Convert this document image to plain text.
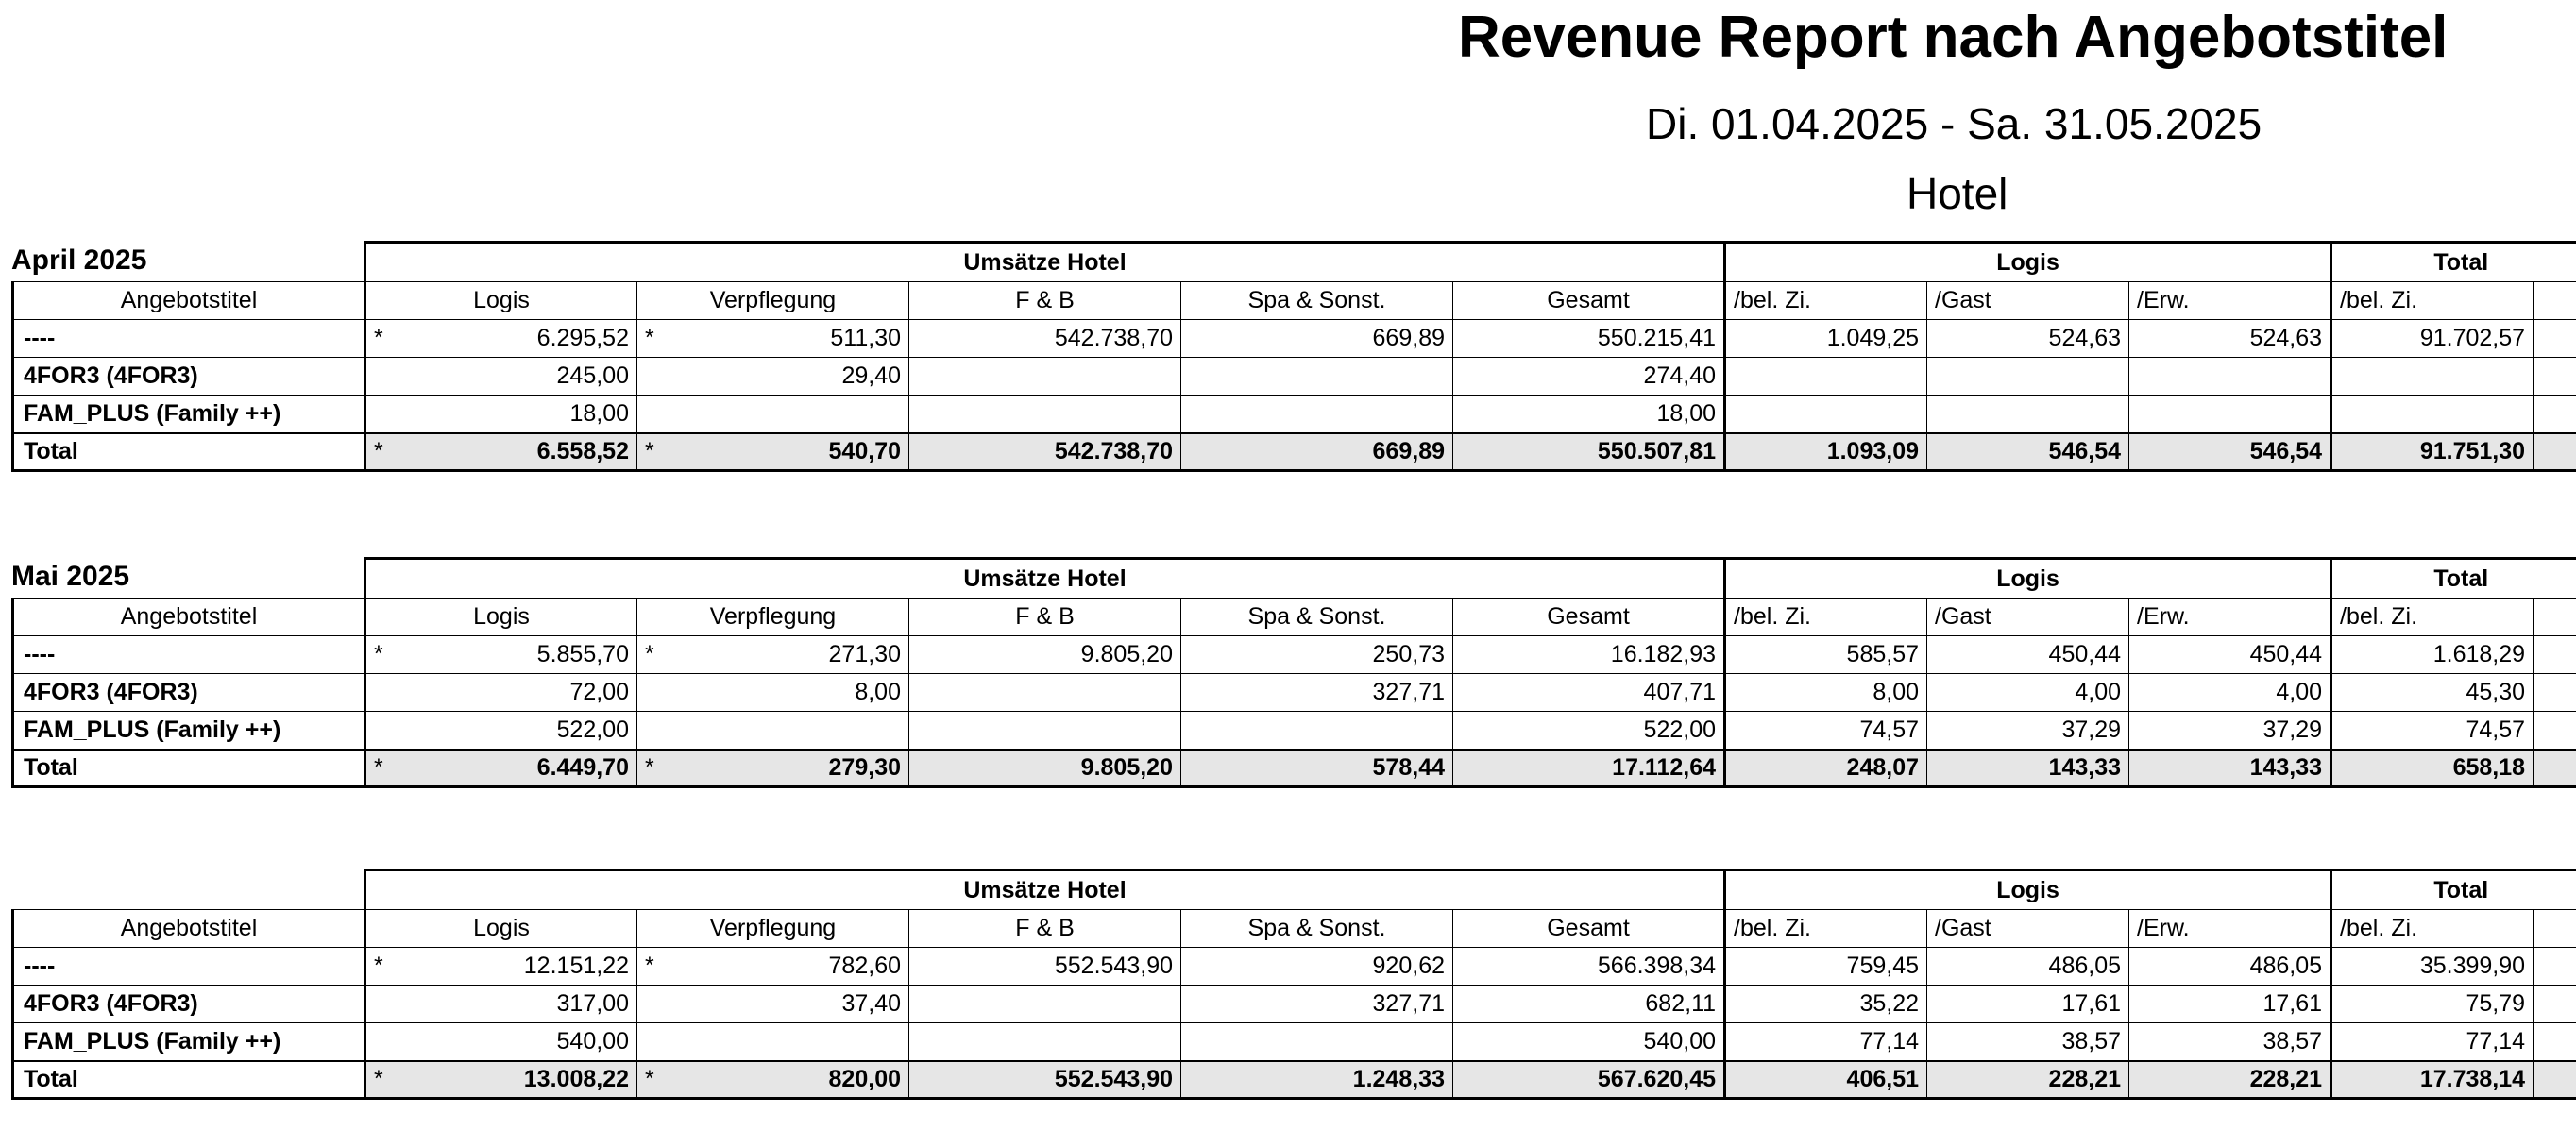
Revenue Report nach Angebotstitel
Di. 01.04.2025 - Sa. 31.05.2025
Hotel
April 2025
		Umsätze Hotel					Logis			Total	
Angebotstitel	Logis	Verpflegung	F & B	Spa & Sonst.	Gesamt	/bel. Zi.	/Gast	/Erw.	/bel. Zi.	
----	* 6.295,52	* 511,30	542.738,70	669,89	550.215,41	1.049,25	524,63	524,63	91.702,57	
4FOR3 (4FOR3)	245,00	29,40			274,40					
FAM_PLUS (Family ++)	18,00				18,00					
Total	* 6.558,52	* 540,70	542.738,70	669,89	550.507,81	1.093,09	546,54	546,54	91.751,30	
Mai 2025
		Umsätze Hotel					Logis			Total	
Angebotstitel	Logis	Verpflegung	F & B	Spa & Sonst.	Gesamt	/bel. Zi.	/Gast	/Erw.	/bel. Zi.	
----	* 5.855,70	* 271,30	9.805,20	250,73	16.182,93	585,57	450,44	450,44	1.618,29	
4FOR3 (4FOR3)	72,00	8,00		327,71	407,71	8,00	4,00	4,00	45,30	
FAM_PLUS (Family ++)	522,00				522,00	74,57	37,29	37,29	74,57	
Total	* 6.449,70	* 279,30	9.805,20	578,44	17.112,64	248,07	143,33	143,33	658,18	
	Umsätze Hotel					Logis			Total	
Angebotstitel	Logis	Verpflegung	F & B	Spa & Sonst.	Gesamt	/bel. Zi.	/Gast	/Erw.	/bel. Zi.	
----	* 12.151,22	* 782,60	552.543,90	920,62	566.398,34	759,45	486,05	486,05	35.399,90	
4FOR3 (4FOR3)	317,00	37,40		327,71	682,11	35,22	17,61	17,61	75,79	
FAM_PLUS (Family ++)	540,00				540,00	77,14	38,57	38,57	77,14	
Total	* 13.008,22	* 820,00	552.543,90	1.248,33	567.620,45	406,51	228,21	228,21	17.738,14	
